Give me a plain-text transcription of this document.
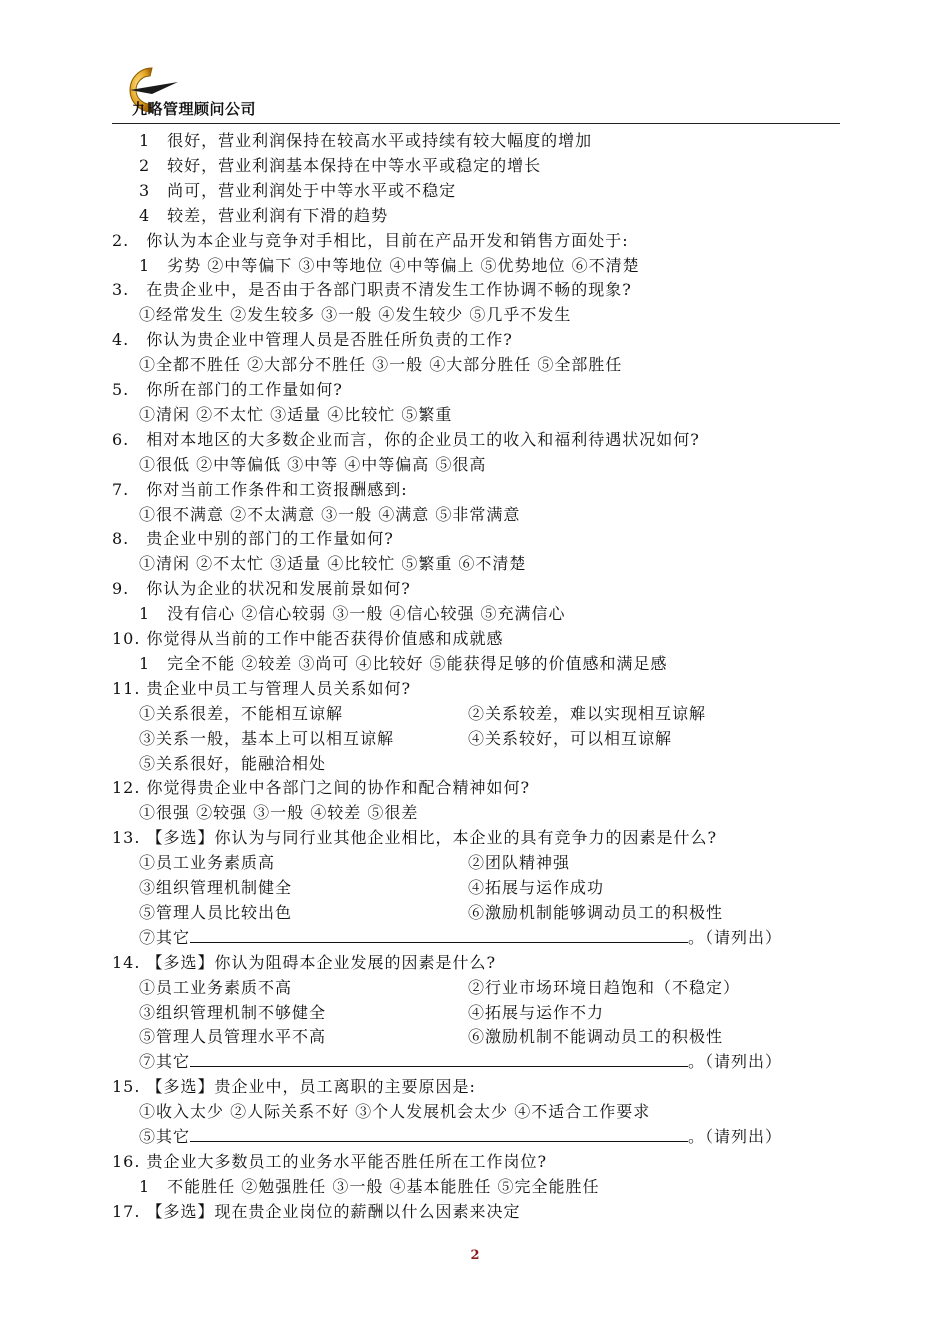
九略管理顾问公司
1　很好，营业利润保持在较高水平或持续有较大幅度的增加
2　较好，营业利润基本保持在中等水平或稳定的增长
3　尚可，营业利润处于中等水平或不稳定
4　较差，营业利润有下滑的趋势
2.　你认为本企业与竞争对手相比，目前在产品开发和销售方面处于:
1　劣势 ②中等偏下 ③中等地位 ④中等偏上 ⑤优势地位 ⑥不清楚
3.　在贵企业中，是否由于各部门职责不清发生工作协调不畅的现象?
①经常发生 ②发生较多 ③一般 ④发生较少 ⑤几乎不发生
4.　你认为贵企业中管理人员是否胜任所负责的工作?
①全都不胜任 ②大部分不胜任 ③一般 ④大部分胜任 ⑤全部胜任
5.　你所在部门的工作量如何?
①清闲 ②不太忙 ③适量 ④比较忙 ⑤繁重
6.　相对本地区的大多数企业而言，你的企业员工的收入和福利待遇状况如何?
①很低 ②中等偏低 ③中等 ④中等偏高 ⑤很高
7.　你对当前工作条件和工资报酬感到:
①很不满意 ②不太满意 ③一般 ④满意 ⑤非常满意
8.　贵企业中别的部门的工作量如何?
①清闲 ②不太忙 ③适量 ④比较忙 ⑤繁重 ⑥不清楚
9.　你认为企业的状况和发展前景如何?
1　没有信心 ②信心较弱 ③一般 ④信心较强 ⑤充满信心
10. 你觉得从当前的工作中能否获得价值感和成就感
1　完全不能 ②较差 ③尚可 ④比较好 ⑤能获得足够的价值感和满足感
11. 贵企业中员工与管理人员关系如何?
①关系很差，不能相互谅解	②关系较差，难以实现相互谅解
③关系一般，基本上可以相互谅解	④关系较好，可以相互谅解
⑤关系很好，能融洽相处
12. 你觉得贵企业中各部门之间的协作和配合精神如何?
①很强 ②较强 ③一般 ④较差 ⑤很差
13. 【多选】你认为与同行业其他企业相比，本企业的具有竞争力的因素是什么?
①员工业务素质高	②团队精神强
③组织管理机制健全	④拓展与运作成功
⑤管理人员比较出色	⑥激励机制能够调动员工的积极性
⑦其它	。（请列出）
14. 【多选】你认为阻碍本企业发展的因素是什么?
①员工业务素质不高	②行业市场环境日趋饱和（不稳定）
③组织管理机制不够健全	④拓展与运作不力
⑤管理人员管理水平不高	⑥激励机制不能调动员工的积极性
⑦其它	。（请列出）
15. 【多选】贵企业中，员工离职的主要原因是:
①收入太少 ②人际关系不好 ③个人发展机会太少 ④不适合工作要求
⑤其它	。（请列出）
16. 贵企业大多数员工的业务水平能否胜任所在工作岗位?
1　不能胜任 ②勉强胜任 ③一般 ④基本能胜任 ⑤完全能胜任
17. 【多选】现在贵企业岗位的薪酬以什么因素来决定
2
